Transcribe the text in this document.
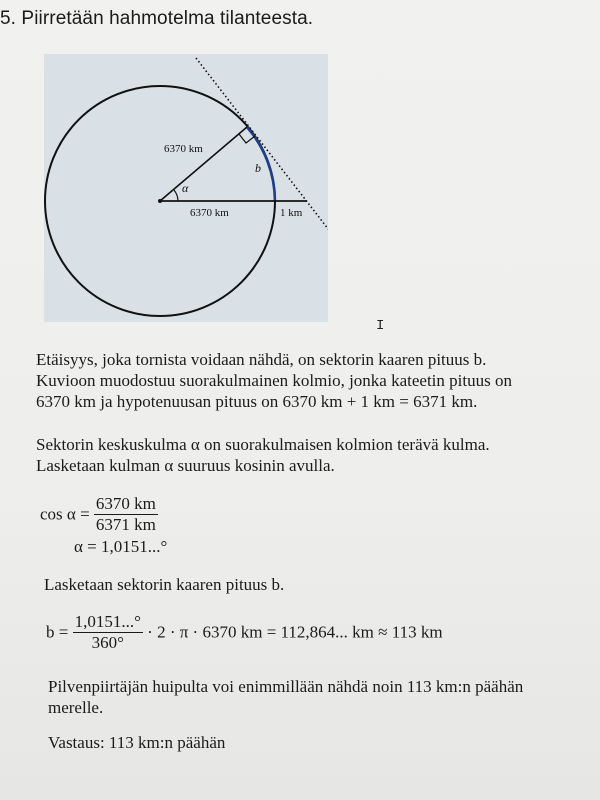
5. Piirretään hahmotelma tilanteesta.
6370 km
b
α
6370 km	1 km
I
Etäisyys, joka tornista voidaan nähdä, on sektorin kaaren pituus b.
Kuvioon muodostuu suorakulmainen kolmio, jonka kateetin pituus on
6370 km ja hypotenuusan pituus on 6370 km + 1 km = 6371 km.
Sektorin keskuskulma α on suorakulmaisen kolmion terävä kulma.
Lasketaan kulman α suuruus kosinin avulla.
$\cos \alpha = \frac{6370 km}{6371 km}$
α = 1,0151...°
Lasketaan sektorin kaaren pituus b.
$b = \frac{1,0151...^\circ}{360^\circ} \cdot 2 \cdot \pi \cdot 6370$ km = 112,864... km ≈ 113 km
Pilvenpiirtäjän huipulta voi enimmillään nähdä noin 113 km:n päähän
merelle.
Vastaus: 113 km:n päähän
